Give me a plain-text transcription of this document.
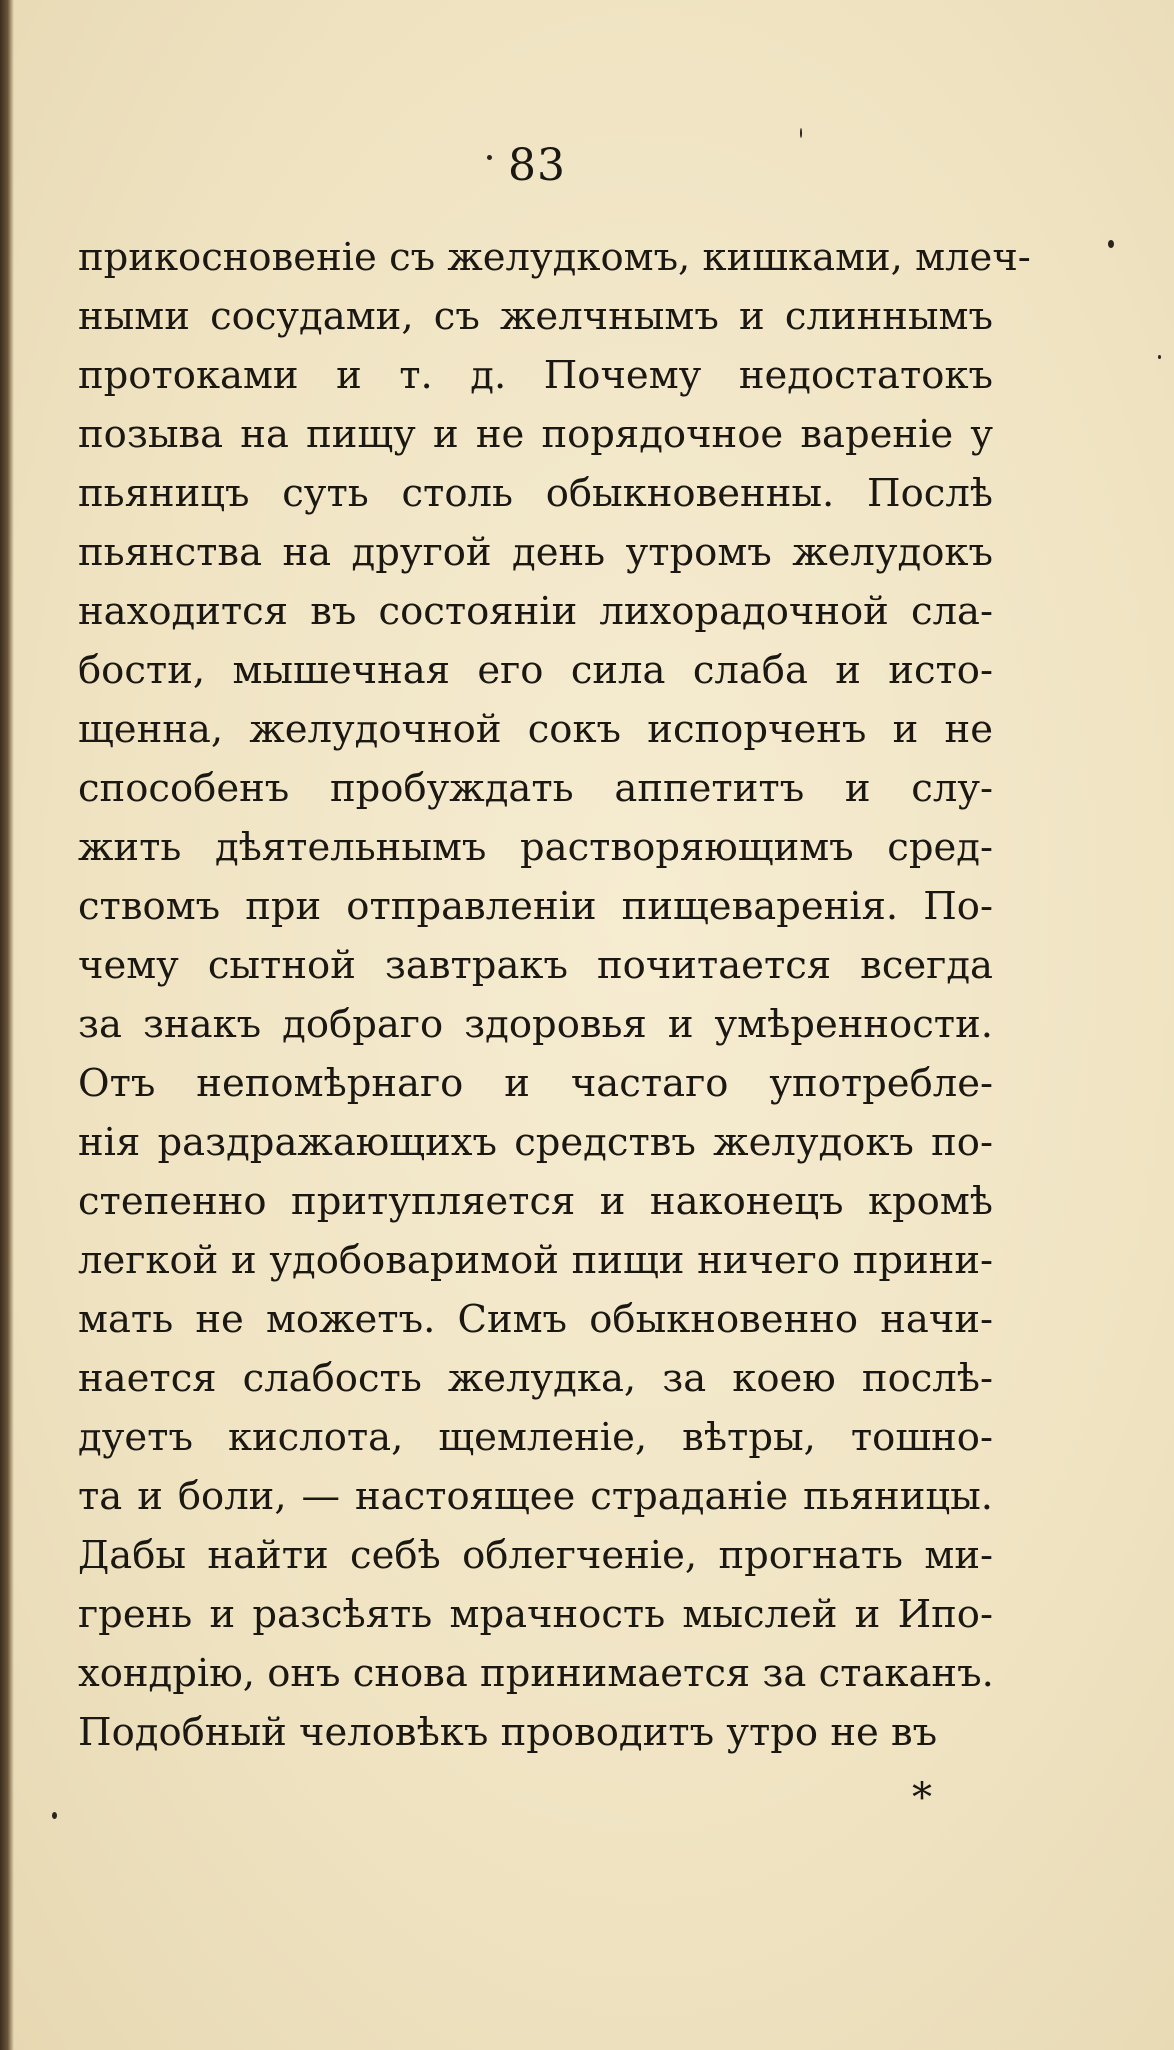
83
прикосновенiе съ желудкомъ, кишками, млеч-
ными сосудами, съ желчнымъ и слиннымъ
протоками и т. д. Почему недостатокъ
позыва на пищу и не порядочное варенiе у
пьяницъ суть столь обыкновенны. Послѣ
пьянства на другой день утромъ желудокъ
находится въ состоянiи лихорадочной сла-
бости, мышечная его сила слаба и исто-
щенна, желудочной сокъ испорченъ и не
способенъ пробуждать аппетитъ и слу-
жить дѣятельнымъ растворяющимъ сред-
ствомъ при отправленiи пищеваренiя. По-
чему сытной завтракъ почитается всегда
за знакъ добраго здоровья и умѣренности.
Отъ непомѣрнаго и частаго употребле-
нiя раздражающихъ средствъ желудокъ по-
степенно притупляется и наконецъ кромѣ
легкой и удобоваримой пищи ничего прини-
мать не можетъ. Симъ обыкновенно начи-
нается слабость желудка, за коею послѣ-
дуетъ кислота, щемленiе, вѣтры, тошно-
та и боли, — настоящее страданiе пьяницы.
Дабы найти себѣ облегченiе, прогнать ми-
грень и разсѣять мрачность мыслей и Ипо-
хондрiю, онъ снова принимается за стаканъ.
Подобный человѣкъ проводитъ утро не въ
*
